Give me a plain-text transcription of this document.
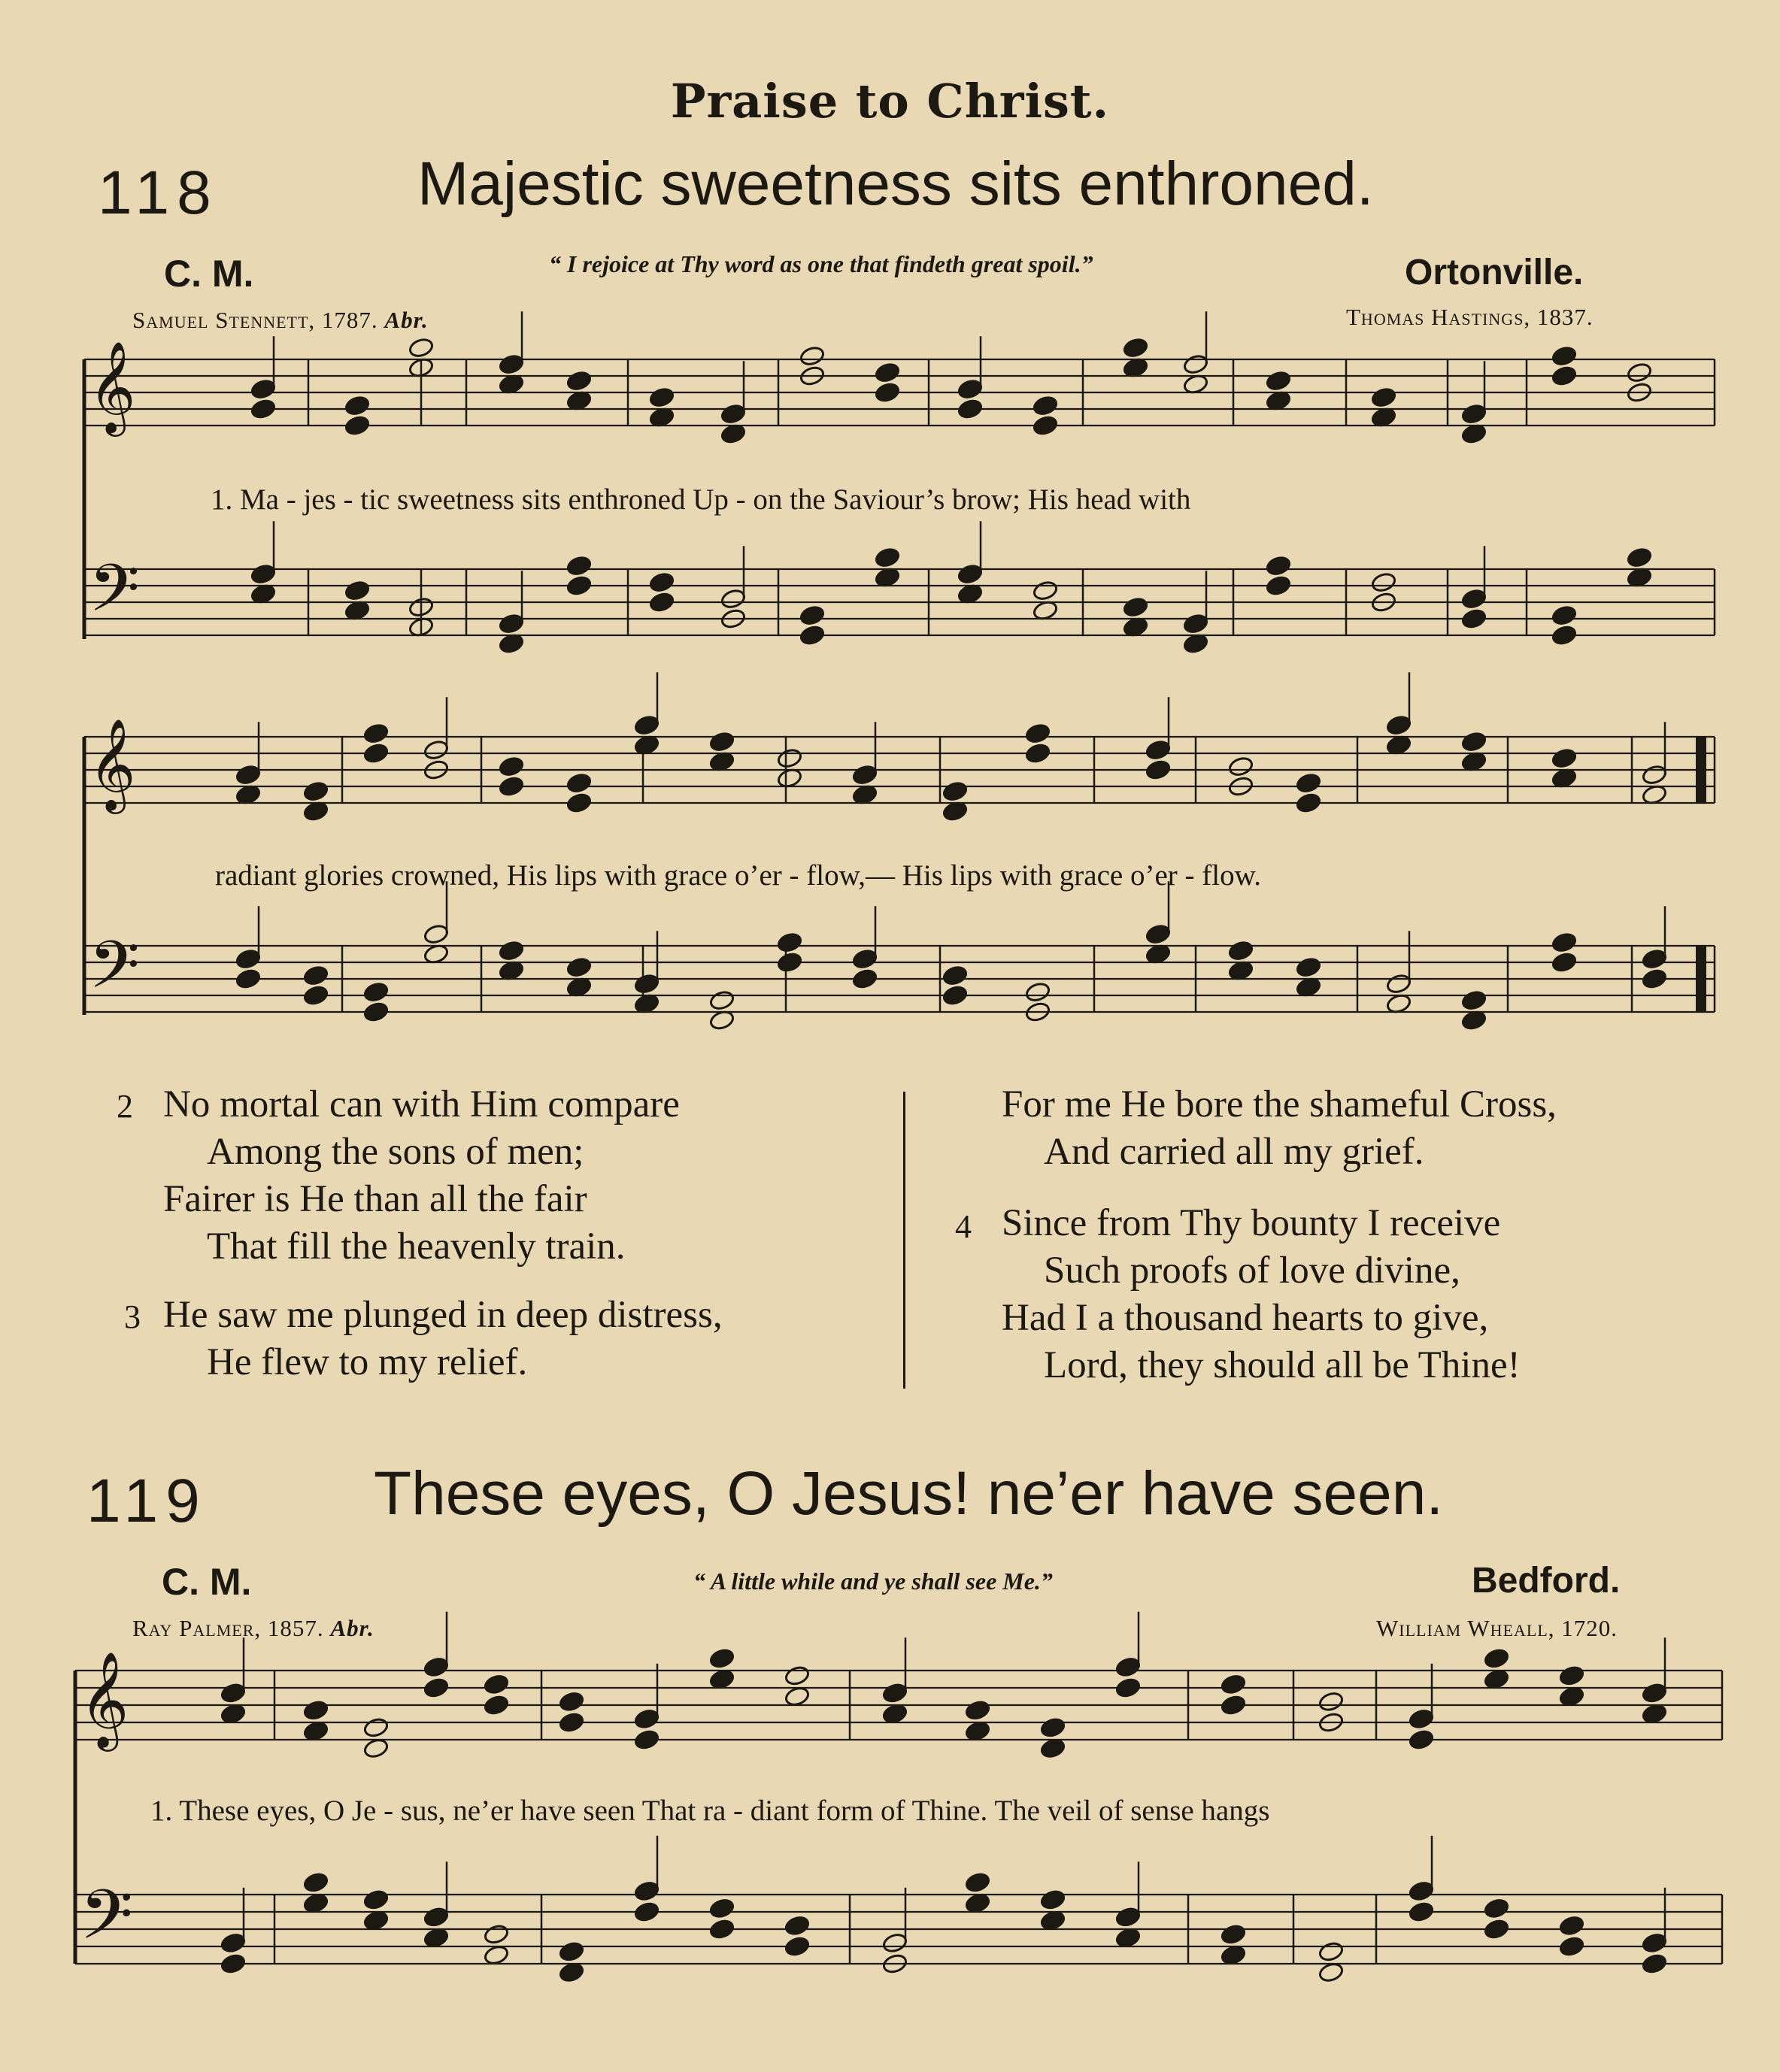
Praise to Christ.
118	Majestic sweetness sits enthroned.
C. M.	“ I rejoice at Thy word as one that findeth great spoil.”	Ortonville.
Samuel Stennett, 1787. Abr.	Thomas Hastings, 1837.
1. Ma - jes - tic sweetness sits enthroned Up - on the Saviour’s brow; His head with
radiant glories crowned, His lips with grace o’er - flow,— His lips with grace o’er - flow.
2 No mortal can with Him compare
Among the sons of men;
Fairer is He than all the fair
That fill the heavenly train.
3 He saw me plunged in deep distress,
He flew to my relief.
For me He bore the shameful Cross,
And carried all my grief.
4 Since from Thy bounty I receive
Such proofs of love divine,
Had I a thousand hearts to give,
Lord, they should all be Thine!
119	These eyes, O Jesus! ne’er have seen.
C. M.	“ A little while and ye shall see Me.”	Bedford.
Ray Palmer, 1857. Abr.	William Wheall, 1720.
1. These eyes, O Je - sus, ne’er have seen That ra - diant form of Thine. The veil of sense hangs
𝄞
𝄢
𝄞
𝄢
𝄞
𝄢
